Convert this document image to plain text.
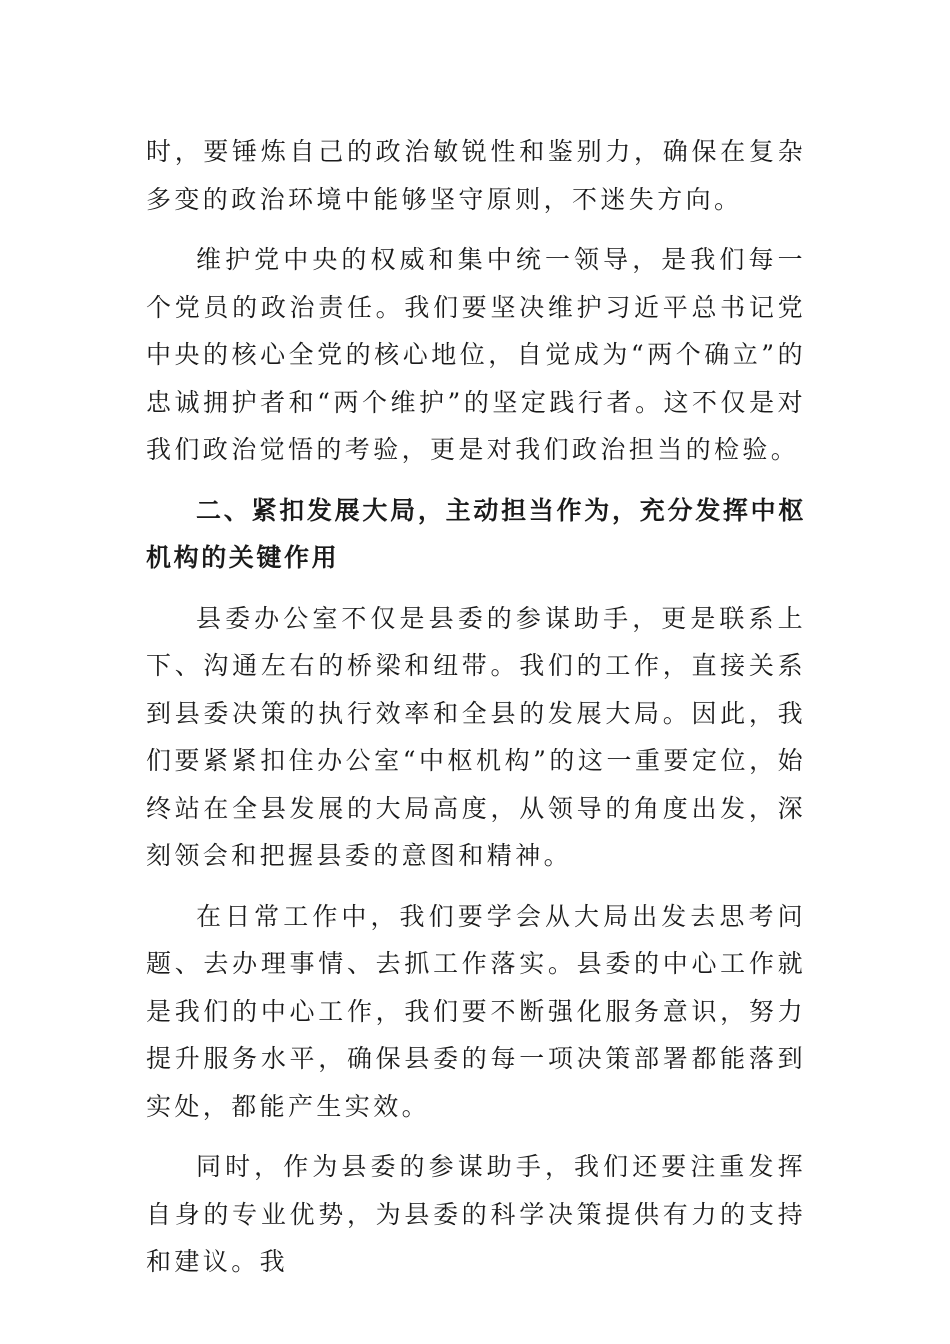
时，要锤炼自己的政治敏锐性和鉴别力，确保在复杂多变的政治环境中能够坚守原则，不迷失方向。

维护党中央的权威和集中统一领导，是我们每一个党员的政治责任。我们要坚决维护习近平总书记党中央的核心全党的核心地位，自觉成为“两个确立”的忠诚拥护者和“两个维护”的坚定践行者。这不仅是对我们政治觉悟的考验，更是对我们政治担当的检验。

二、紧扣发展大局，主动担当作为，充分发挥中枢机构的关键作用

县委办公室不仅是县委的参谋助手，更是联系上下、沟通左右的桥梁和纽带。我们的工作，直接关系到县委决策的执行效率和全县的发展大局。因此，我们要紧紧扣住办公室“中枢机构”的这一重要定位，始终站在全县发展的大局高度，从领导的角度出发，深刻领会和把握县委的意图和精神。

在日常工作中，我们要学会从大局出发去思考问题、去办理事情、去抓工作落实。县委的中心工作就是我们的中心工作，我们要不断强化服务意识，努力提升服务水平，确保县委的每一项决策部署都能落到实处，都能产生实效。

同时，作为县委的参谋助手，我们还要注重发挥自身的专业优势，为县委的科学决策提供有力的支持和建议。我
